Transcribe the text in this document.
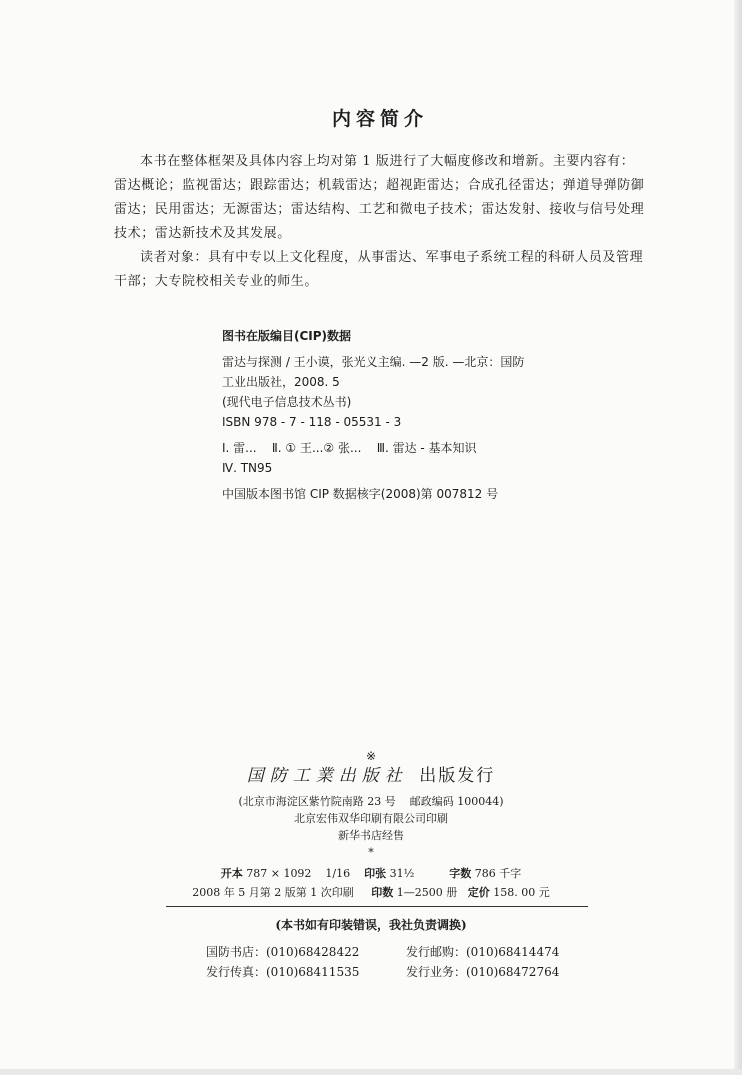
内容简介

本书在整体框架及具体内容上均对第 1 版进行了大幅度修改和增新。主要内容有：雷达概论；监视雷达；跟踪雷达；机载雷达；超视距雷达；合成孔径雷达；弹道导弹防御雷达；民用雷达；无源雷达；雷达结构、工艺和微电子技术；雷达发射、接收与信号处理技术；雷达新技术及其发展。

读者对象：具有中专以上文化程度，从事雷达、军事电子系统工程的科研人员及管理干部；大专院校相关专业的师生。

图书在版编目(CIP)数据
雷达与探测 / 王小谟，张光义主编. —2 版. —北京：国防
工业出版社，2008. 5
(现代电子信息技术丛书)
ISBN 978 - 7 - 118 - 05531 - 3
Ⅰ. 雷...    Ⅱ. ① 王...② 张...    Ⅲ. 雷达 - 基本知识
Ⅳ. TN95
中国版本图书馆 CIP 数据核字(2008)第 007812 号
※
国防工業出版社 出版发行
(北京市海淀区紫竹院南路 23 号    邮政编码 100044)
北京宏伟双华印刷有限公司印刷
新华书店经售
*
开本 787 × 1092    1/16 印张 31½	字数 786 千字
2008 年 5 月第 2 版第 1 次印刷 印数 1—2500 册 定价 158. 00 元
(本书如有印装错误，我社负责调换)
国防书店：(010)68428422	发行邮购：(010)68414474
发行传真：(010)68411535	发行业务：(010)68472764
